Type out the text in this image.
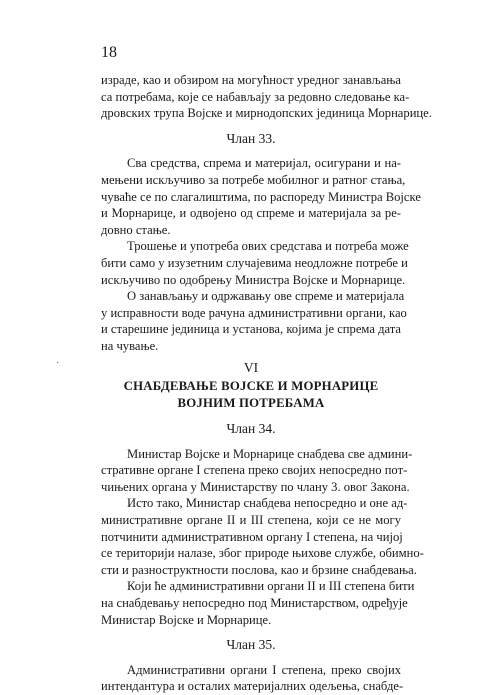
18
·

израде, као и обзиром на могућност уредног занављања
са потребама, које се набављају за редовно следовање ка-
дровских трупа Војске и мирнодопских јединица Морнарице.

Члан 33.

Сва средства, спрема и материјал, осигурани и на-
мењени искључиво за потребе мобилног и ратног стања,
чуваће се по слагалиштима, по распореду Министра Војске
и Морнарице, и одвојено од спреме и материјала за ре-
довно стање.

Трошење и употреба ових средстава и потреба може
бити само у изузетним случајевима неодложне потребе и
искључиво по одобрењу Министра Војске и Морнарице.

О занављању и одржавању ове спреме и материјала
у исправности воде рачуна административни органи, као
и старешине јединица и установа, којима је спрема дата
на чување.

VI
СНАБДЕВАЊЕ ВОЈСКЕ И МОРНАРИЦЕ
ВОЈНИМ ПОТРЕБАМА
Члан 34.

Министар Војске и Морнарице снабдева све админи-
стративне органе I степена преко својих непосредно пот-
чињених органа у Министарству по члану 3. овог Закона.

Исто тако, Министар снабдева непосредно и оне ад-
министративне органе II и III степена, који се не могу
потчинити административном органу I степена, на чијој
се територији налазе, због природе њихове службе, обимно-
сти и разноструктности послова, као и брзине снабдевања.

Који ће административни органи II и III степена бити
на снабдевању непосредно под Министарством, одређује
Министар Војске и Морнарице.

Члан 35.

Административни органи I степена, преко својих
интендантура и осталих материјалних одељења, снабде-
